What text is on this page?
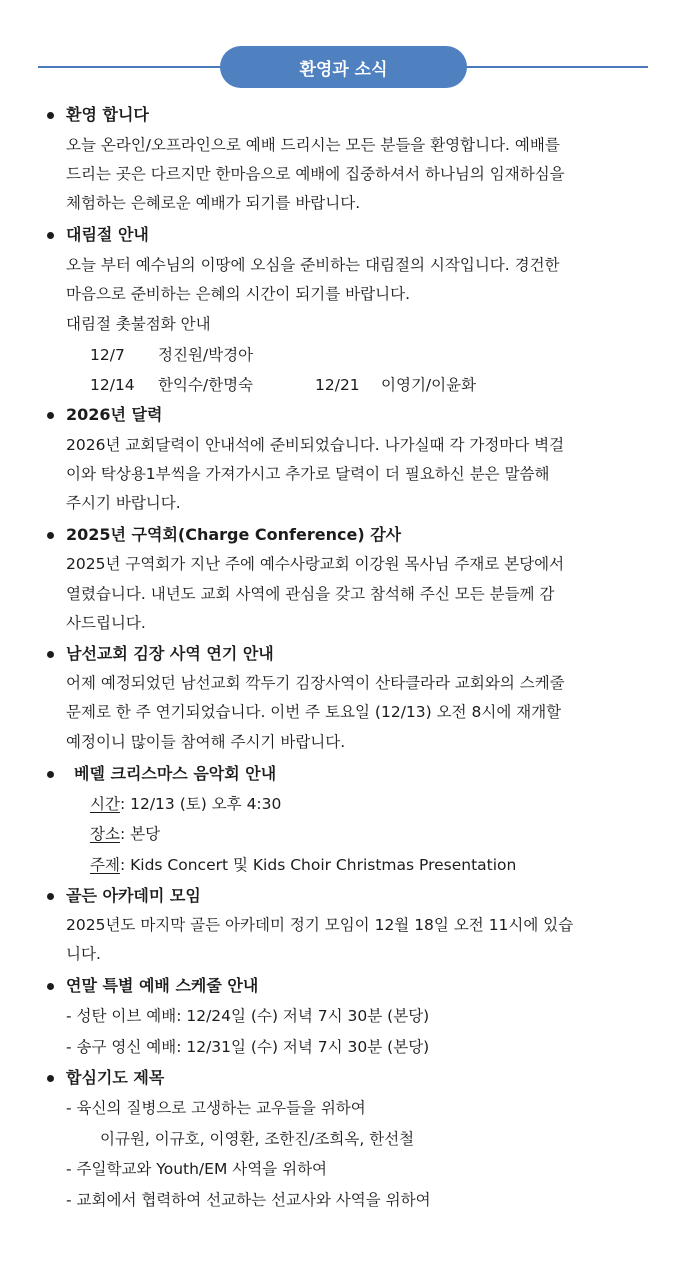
환영과 소식
환영 합니다
오늘 온라인/오프라인으로 예배 드리시는 모든 분들을 환영합니다. 예배를
드리는 곳은 다르지만 한마음으로 예배에 집중하셔서 하나님의 임재하심을
체험하는 은혜로운 예배가 되기를 바랍니다.
대림절 안내
오늘 부터 예수님의 이땅에 오심을 준비하는 대림절의 시작입니다. 경건한
마음으로 준비하는 은혜의 시간이 되기를 바랍니다.
대림절 촛불점화 안내
12/7 정진원/박경아
12/14 한익수/한명숙	12/21 이영기/이윤화
2026년 달력
2026년 교회달력이 안내석에 준비되었습니다. 나가실때 각 가정마다 벽걸
이와 탁상용1부씩을 가져가시고 추가로 달력이 더 필요하신 분은 말씀해
주시기 바랍니다.
2025년 구역회(Charge Conference) 감사
2025년 구역회가 지난 주에 예수사랑교회 이강원 목사님 주재로 본당에서
열렸습니다. 내년도 교회 사역에 관심을 갖고 참석해 주신 모든 분들께 감
사드립니다.
남선교회 김장 사역 연기 안내
어제 예정되었던 남선교회 깍두기 김장사역이 산타클라라 교회와의 스케줄
문제로 한 주 연기되었습니다. 이번 주 토요일 (12/13) 오전 8시에 재개할
예정이니 많이들 참여해 주시기 바랍니다.
베델 크리스마스 음악회 안내
시간: 12/13 (토) 오후 4:30
장소: 본당
주제: Kids Concert 및 Kids Choir Christmas Presentation
골든 아카데미 모임
2025년도 마지막 골든 아카데미 정기 모임이 12월 18일 오전 11시에 있습
니다.
연말 특별 예배 스케줄 안내
- 성탄 이브 예배: 12/24일 (수) 저녁 7시 30분 (본당)
- 송구 영신 예배: 12/31일 (수) 저녁 7시 30분 (본당)
합심기도 제목
- 육신의 질병으로 고생하는 교우들을 위하여
이규원, 이규호, 이영환, 조한진/조희옥, 한선철
- 주일학교와 Youth/EM 사역을 위하여
- 교회에서 협력하여 선교하는 선교사와 사역을 위하여
